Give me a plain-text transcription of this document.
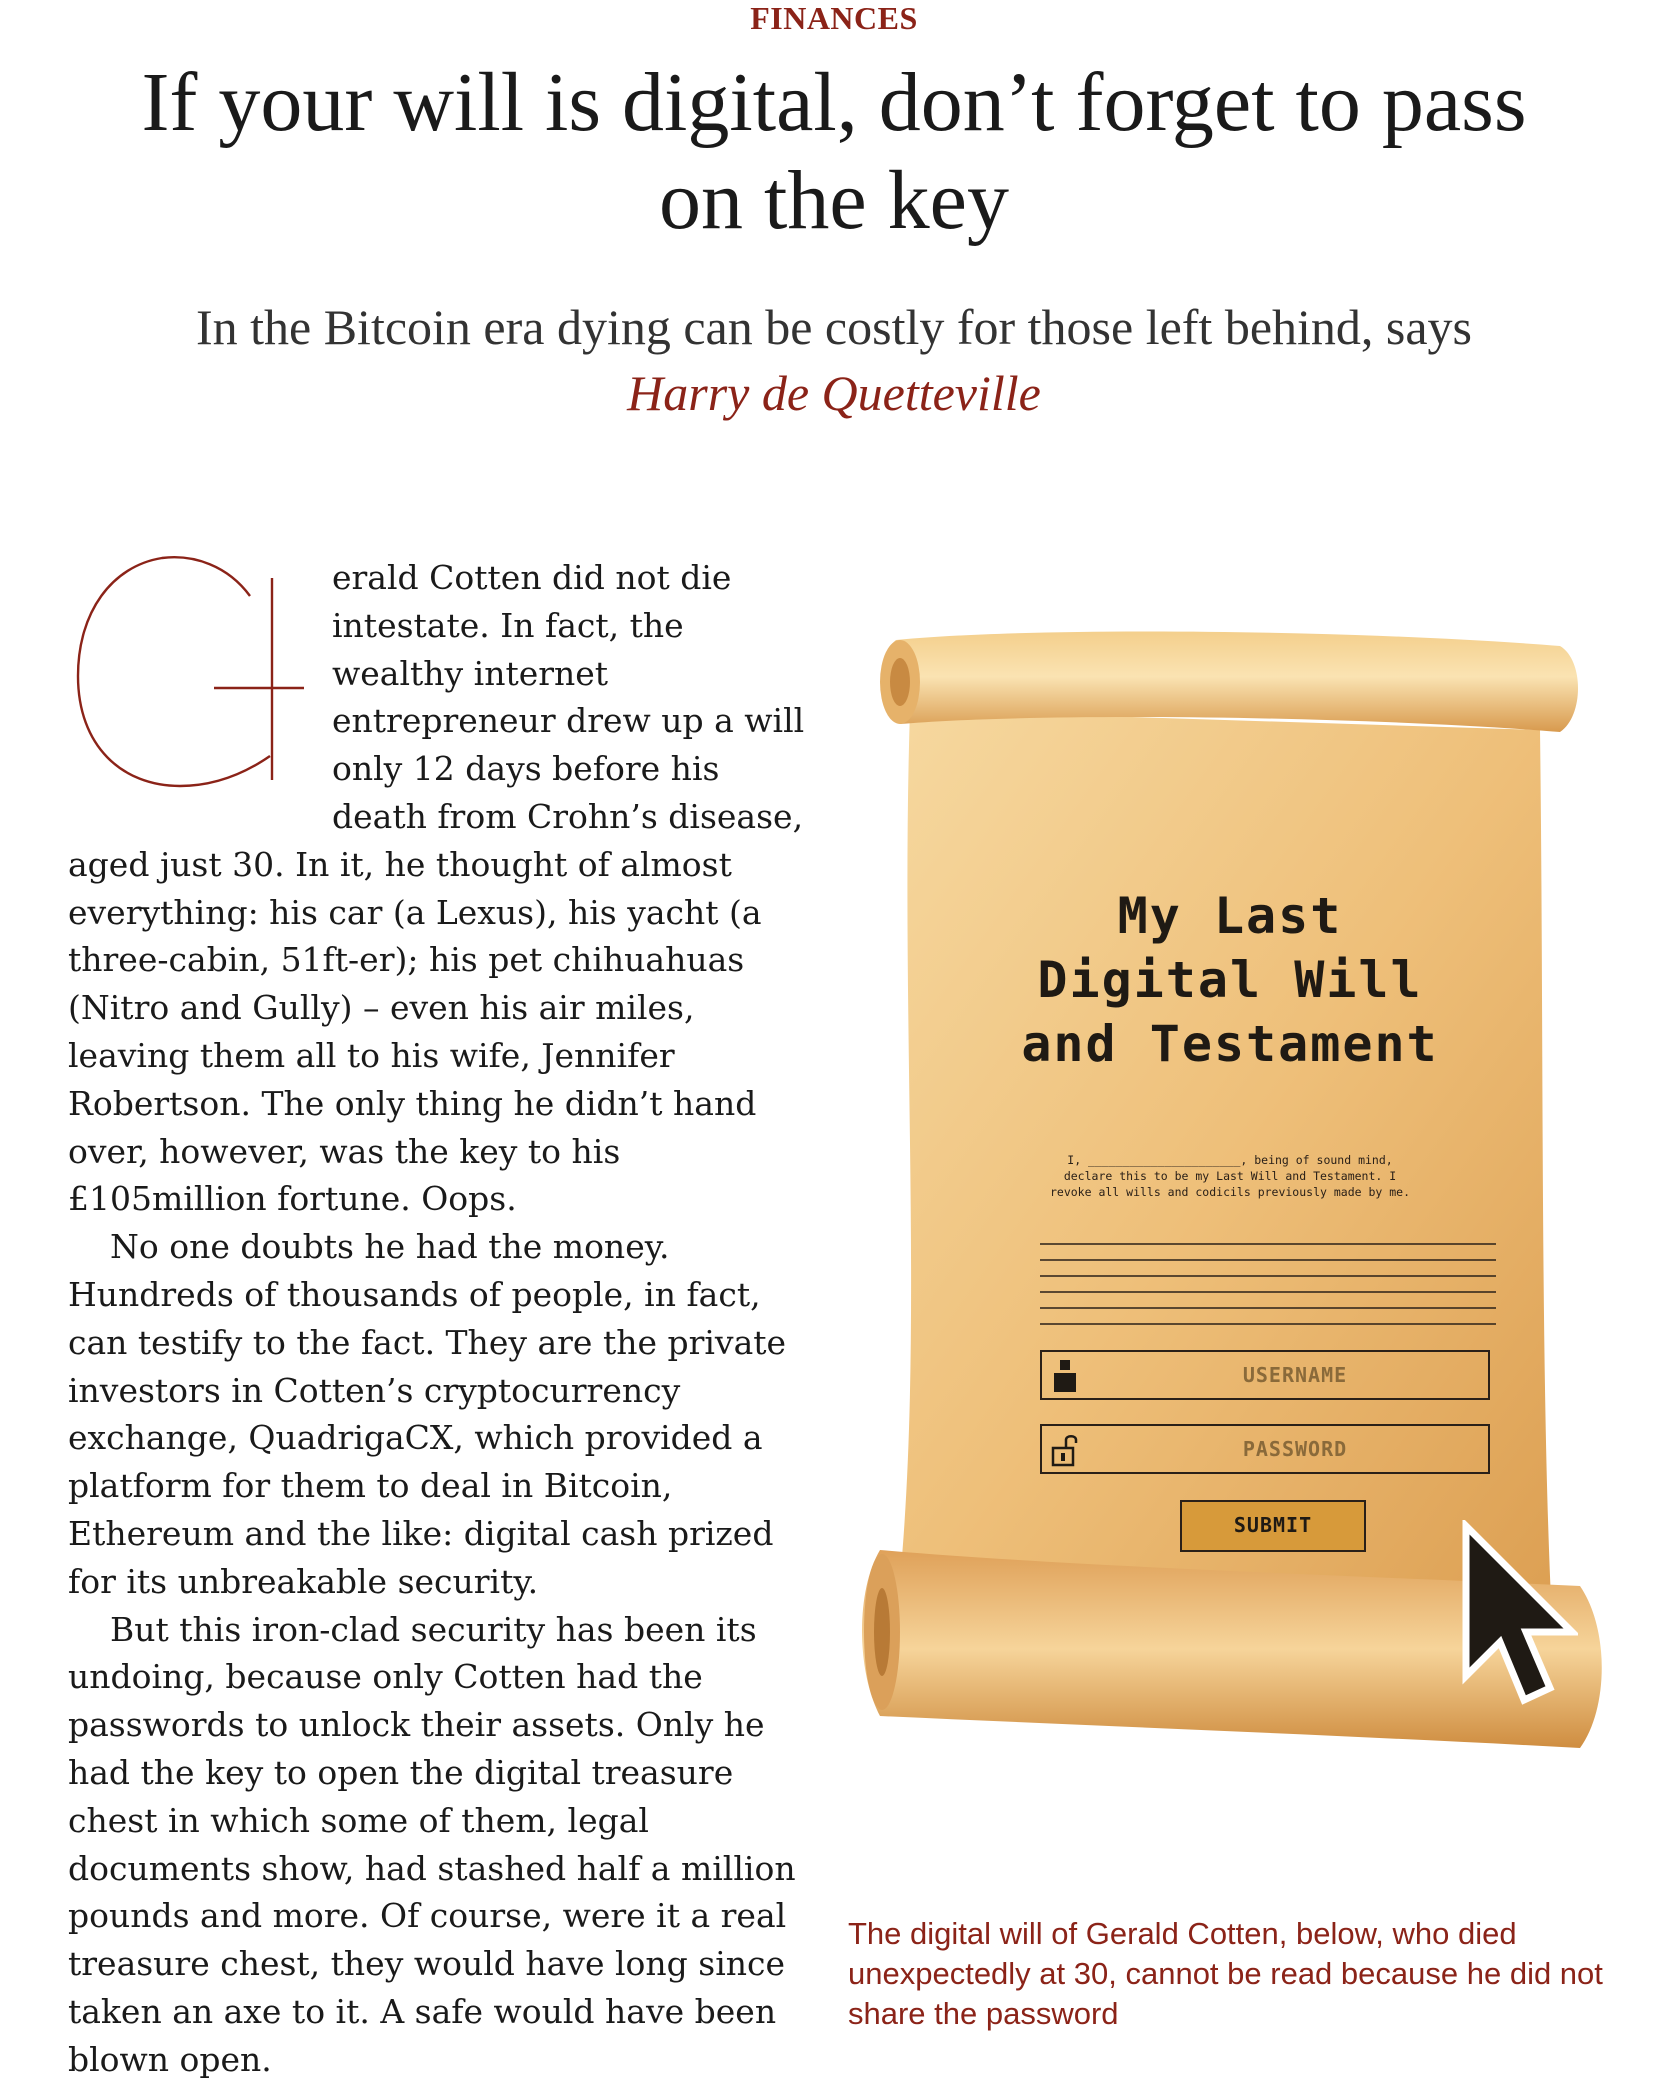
FINANCES
If your will is digital, don’t forget to pass on the key
In the Bitcoin era dying can be costly for those left behind, says Harry de Quetteville

erald Cotten did not die intestate. In fact, the wealthy internet entrepreneur drew up a will only 12 days before his death from Crohn’s disease, aged just 30. In it, he thought of almost everything: his car (a Lexus), his yacht (a three-cabin, 51ft-er); his pet chihuahuas (Nitro and Gully) – even his air miles, leaving them all to his wife, Jennifer Robertson. The only thing he didn’t hand over, however, was the key to his £105million fortune. Oops.

No one doubts he had the money. Hundreds of thousands of people, in fact, can testify to the fact. They are the private investors in Cotten’s cryptocurrency exchange, QuadrigaCX, which provided a platform for them to deal in Bitcoin, Ethereum and the like: digital cash prized for its unbreakable security.

But this iron-clad security has been its undoing, because only Cotten had the passwords to unlock their assets. Only he had the key to open the digital treasure chest in which some of them, legal documents show, had stashed half a million pounds and more. Of course, were it a real treasure chest, they would have long since taken an axe to it. A safe would have been blown open.

My Last
Digital Will
and Testament
I, ______________________, being of sound mind, declare this to be my Last Will and Testament. I revoke all wills and codicils previously made by me.
USERNAME
PASSWORD
SUBMIT
The digital will of Gerald Cotten, below, who died unexpectedly at 30, cannot be read because he did not share the password
